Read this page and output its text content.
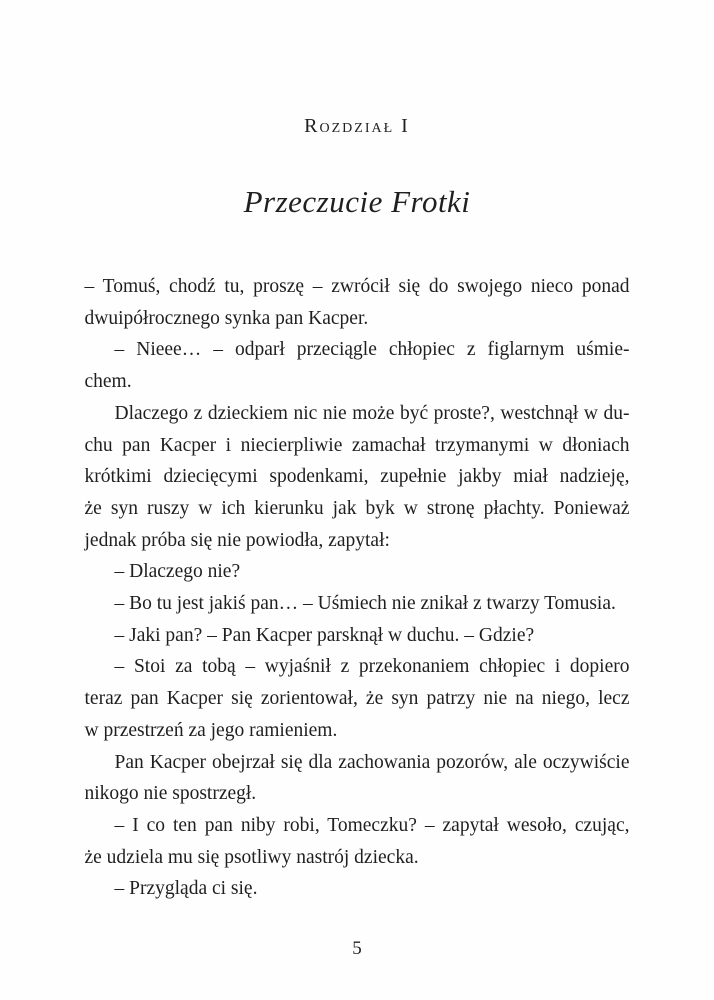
Rozdział I
Przeczucie Frotki
– Tomuś, chodź tu, proszę – zwrócił się do swojego nieco ponad
dwuipółrocznego synka pan Kacper.
– Nieee… – odparł przeciągle chłopiec z figlarnym uśmie-
chem.
Dlaczego z dzieckiem nic nie może być proste?, westchnął w du-
chu pan Kacper i niecierpliwie zamachał trzymanymi w dłoniach
krótkimi dziecięcymi spodenkami, zupełnie jakby miał nadzieję,
że syn ruszy w ich kierunku jak byk w stronę płachty. Ponieważ
jednak próba się nie powiodła, zapytał:
– Dlaczego nie?
– Bo tu jest jakiś pan… – Uśmiech nie znikał z twarzy Tomusia.
– Jaki pan? – Pan Kacper parsknął w duchu. – Gdzie?
– Stoi za tobą – wyjaśnił z przekonaniem chłopiec i dopiero
teraz pan Kacper się zorientował, że syn patrzy nie na niego, lecz
w przestrzeń za jego ramieniem.
Pan Kacper obejrzał się dla zachowania pozorów, ale oczywiście
nikogo nie spostrzegł.
– I co ten pan niby robi, Tomeczku? – zapytał wesoło, czując,
że udziela mu się psotliwy nastrój dziecka.
– Przygląda ci się.
5
